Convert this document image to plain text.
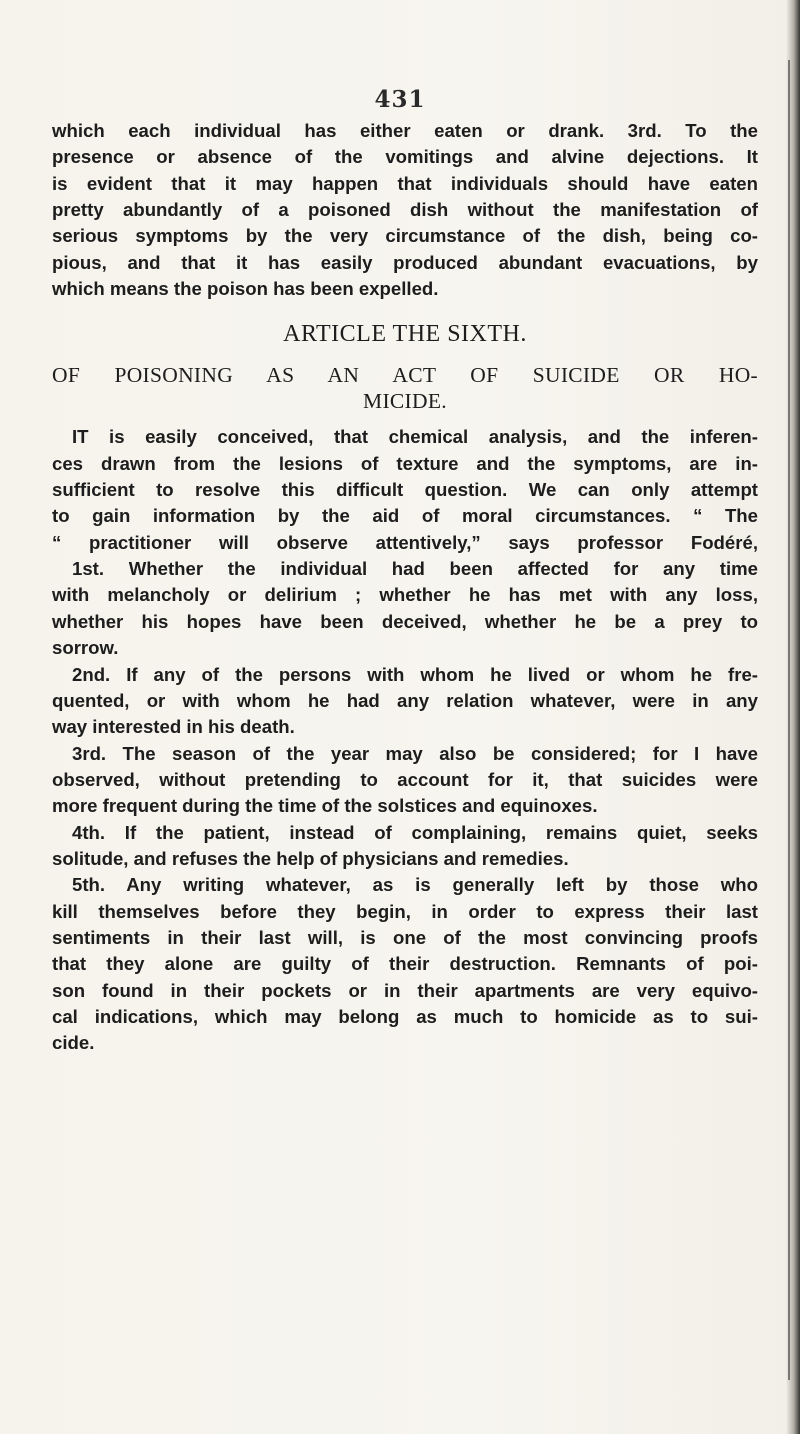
431
which each individual has either eaten or drank. 3rd. To the
presence or absence of the vomitings and alvine dejections. It
is evident that it may happen that individuals should have eaten
pretty abundantly of a poisoned dish without the manifestation of
serious symptoms by the very circumstance of the dish, being co-
pious, and that it has easily produced abundant evacuations, by
which means the poison has been expelled.
ARTICLE THE SIXTH.
OF POISONING AS AN ACT OF SUICIDE OR HO-
MICIDE.
IT is easily conceived, that chemical analysis, and the inferen-
ces drawn from the lesions of texture and the symptoms, are in-
sufficient to resolve this difficult question. We can only attempt
to gain information by the aid of moral circumstances. “ The
“ practitioner will observe attentively,” says professor Fodéré,
1st. Whether the individual had been affected for any time
with melancholy or delirium ; whether he has met with any loss,
whether his hopes have been deceived, whether he be a prey to
sorrow.
2nd. If any of the persons with whom he lived or whom he fre-
quented, or with whom he had any relation whatever, were in any
way interested in his death.
3rd. The season of the year may also be considered; for I have
observed, without pretending to account for it, that suicides were
more frequent during the time of the solstices and equinoxes.
4th. If the patient, instead of complaining, remains quiet, seeks
solitude, and refuses the help of physicians and remedies.
5th. Any writing whatever, as is generally left by those who
kill themselves before they begin, in order to express their last
sentiments in their last will, is one of the most convincing proofs
that they alone are guilty of their destruction. Remnants of poi-
son found in their pockets or in their apartments are very equivo-
cal indications, which may belong as much to homicide as to sui-
cide.
